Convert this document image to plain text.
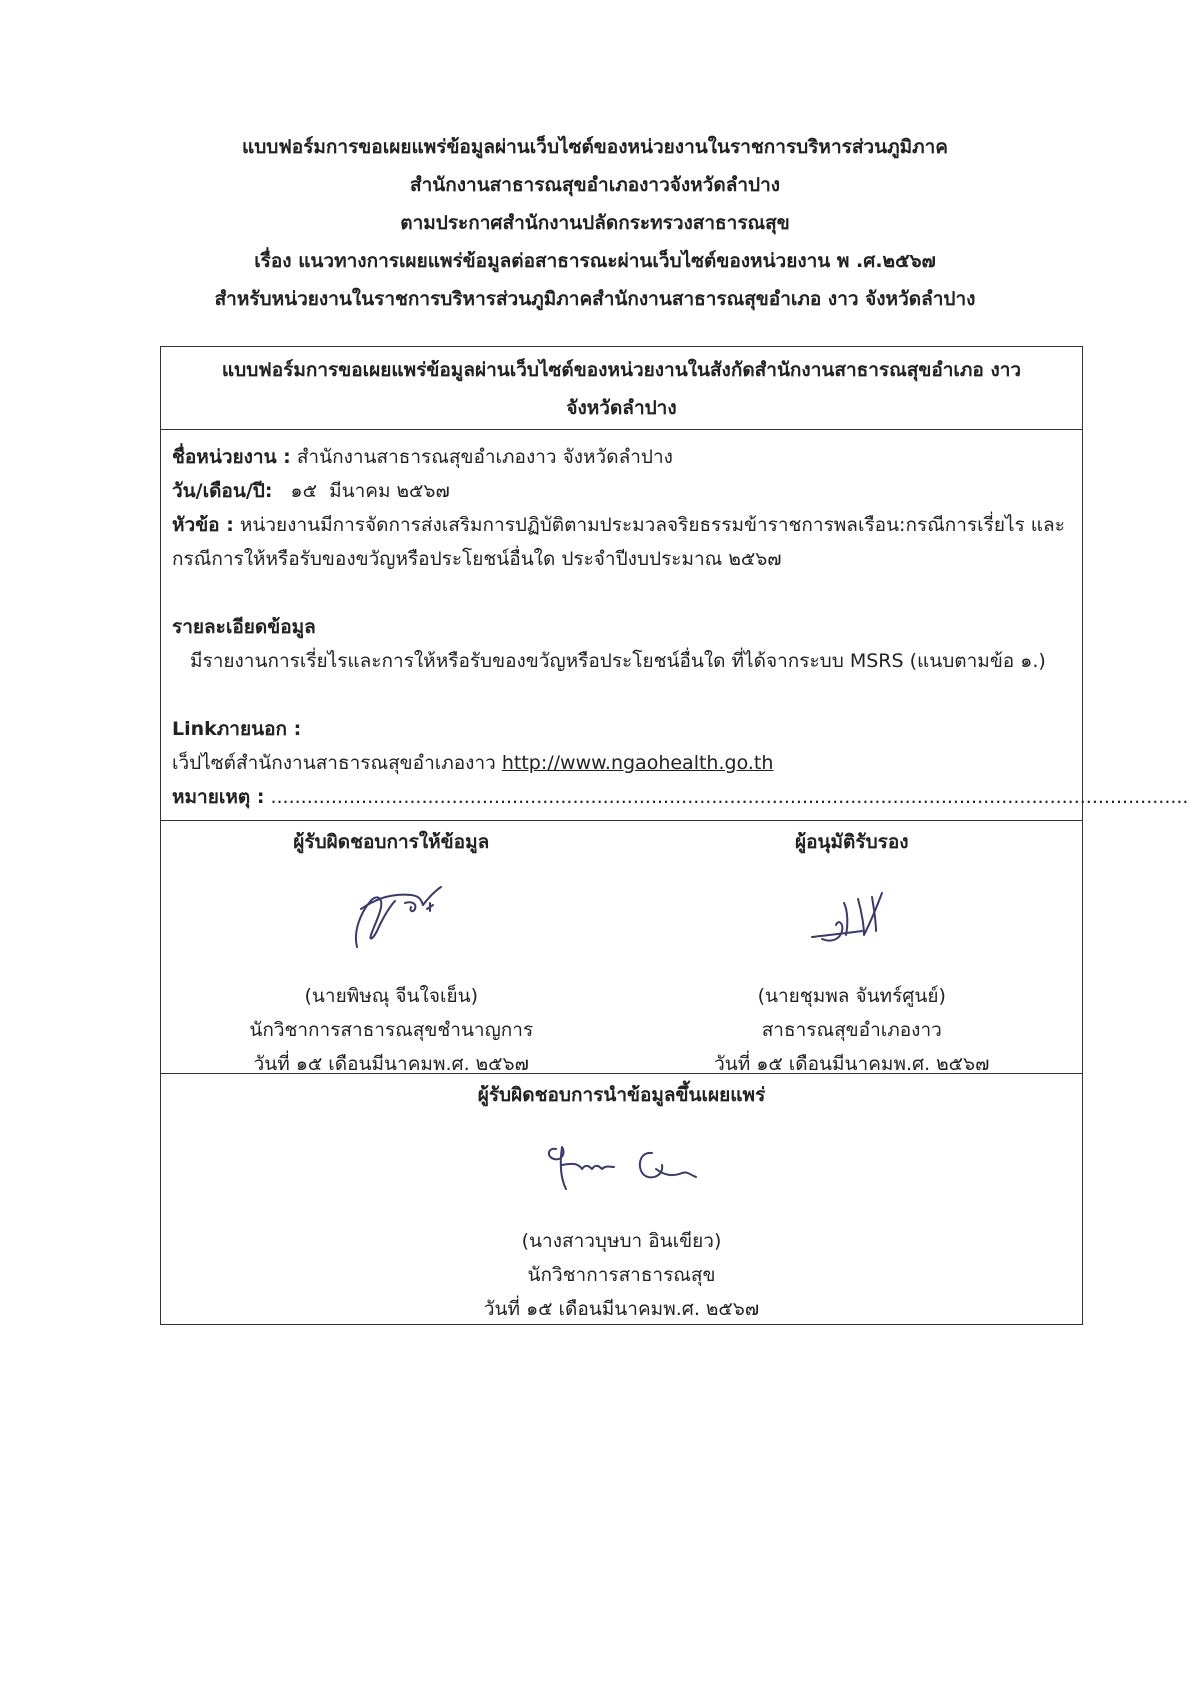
แบบฟอร์มการขอเผยแพร่ข้อมูลผ่านเว็บไซต์ของหน่วยงานในราชการบริหารส่วนภูมิภาค
สำนักงานสาธารณสุขอำเภองาวจังหวัดลำปาง
ตามประกาศสำนักงานปลัดกระทรวงสาธารณสุข
เรื่อง แนวทางการเผยแพร่ข้อมูลต่อสาธารณะผ่านเว็บไซต์ของหน่วยงาน พ .ศ.๒๕๖๗
สำหรับหน่วยงานในราชการบริหารส่วนภูมิภาคสำนักงานสาธารณสุขอำเภอ งาว จังหวัดลำปาง
แบบฟอร์มการขอเผยแพร่ข้อมูลผ่านเว็บไซต์ของหน่วยงานในสังกัดสำนักงานสาธารณสุขอำเภอ งาว
จังหวัดลำปาง
ชื่อหน่วยงาน : สำนักงานสาธารณสุขอำเภองาว จังหวัดลำปาง
วัน/เดือน/ปี:   ๑๕  มีนาคม ๒๕๖๗
หัวข้อ : หน่วยงานมีการจัดการส่งเสริมการปฏิบัติตามประมวลจริยธรรมข้าราชการพลเรือน:กรณีการเรี่ยไร และกรณีการให้หรือรับของขวัญหรือประโยชน์อื่นใด ประจำปีงบประมาณ ๒๕๖๗
รายละเอียดข้อมูล
มีรายงานการเรี่ยไรและการให้หรือรับของขวัญหรือประโยชน์อื่นใด ที่ได้จากระบบ MSRS (แนบตามข้อ ๑.)
Linkภายนอก :
เว็ปไซต์สำนักงานสาธารณสุขอำเภองาว http://www.ngaohealth.go.th
หมายเหตุ : ........................................................................................................................................................
ผู้รับผิดชอบการให้ข้อมูล
(นายพิษณุ จีนใจเย็น)
นักวิชาการสาธารณสุขชำนาญการ
วันที่ ๑๕ เดือนมีนาคมพ.ศ. ๒๕๖๗
ผู้อนุมัติรับรอง
(นายชุมพล จันทร์ศูนย์)
สาธารณสุขอำเภองาว
วันที่ ๑๕ เดือนมีนาคมพ.ศ. ๒๕๖๗
ผู้รับผิดชอบการนำข้อมูลขึ้นเผยแพร่
(นางสาวบุษบา อินเขียว)
นักวิชาการสาธารณสุข
วันที่ ๑๕ เดือนมีนาคมพ.ศ. ๒๕๖๗
